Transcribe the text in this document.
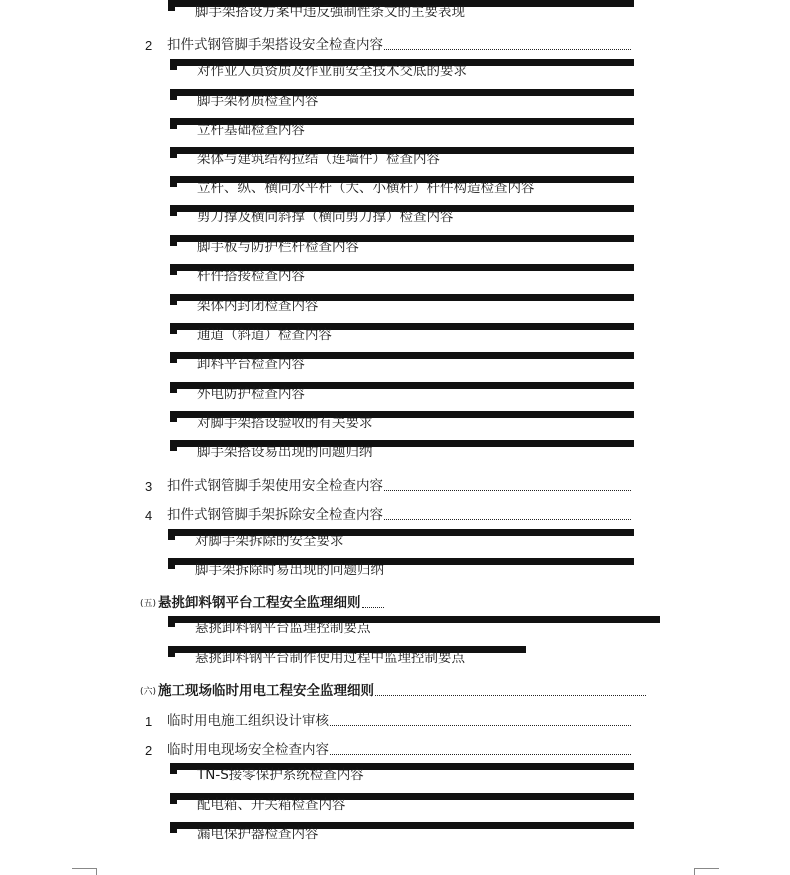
脚手架搭设方案中违反强制性条文的主要表现
2	扣件式钢管脚手架搭设安全检查内容
对作业人员资质及作业前安全技术交底的要求
脚手架材质检查内容
立杆基础检查内容
架体与建筑结构拉结（连墙件）检查内容
立杆、纵、横向水平杆（大、小横杆）杆件构造检查内容
剪刀撑及横向斜撑（横向剪刀撑）检查内容
脚手板与防护栏杆检查内容
杆件搭接检查内容
架体内封闭检查内容
通道（斜道）检查内容
卸料平台检查内容
外电防护检查内容
对脚手架搭设验收的有关要求
脚手架搭设易出现的问题归纳
3	扣件式钢管脚手架使用安全检查内容
4	扣件式钢管脚手架拆除安全检查内容
对脚手架拆除的安全要求
脚手架拆除时易出现的问题归纳
(五) 悬挑卸料钢平台工程安全监理细则
悬挑卸料钢平台监理控制要点
悬挑卸料钢平台制作使用过程中监理控制要点
(六) 施工现场临时用电工程安全监理细则
1	临时用电施工组织设计审核
2	临时用电现场安全检查内容
TN-S接零保护系统检查内容
配电箱、开关箱检查内容
漏电保护器检查内容
